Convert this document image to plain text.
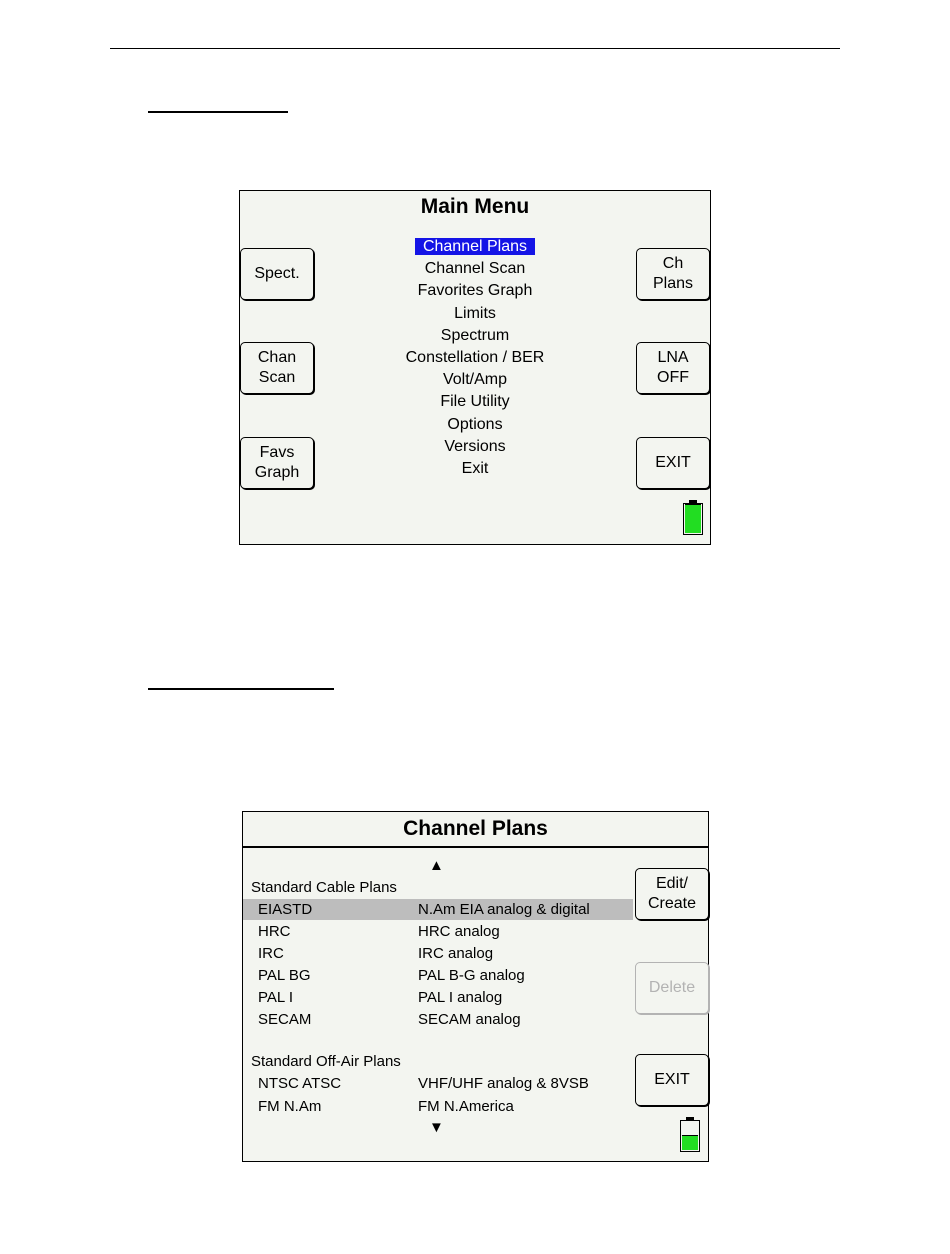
Main Menu
Channel Plans
Channel Scan
Favorites Graph
Limits
Spectrum
Constellation / BER
Volt/Amp
File Utility
Options
Versions
Exit
Spect.
Chan
Scan
Favs
Graph
Ch
Plans
LNA
OFF
EXIT
Channel Plans
▲
Standard Cable Plans
EIASTD	N.Am EIA analog & digital
HRC	HRC analog
IRC	IRC analog
PAL BG	PAL B-G analog
PAL I	PAL I analog
SECAM	SECAM analog
Standard Off-Air Plans
NTSC ATSC	VHF/UHF analog & 8VSB
FM N.Am	FM N.America
▼
Edit/
Create
Delete
EXIT
